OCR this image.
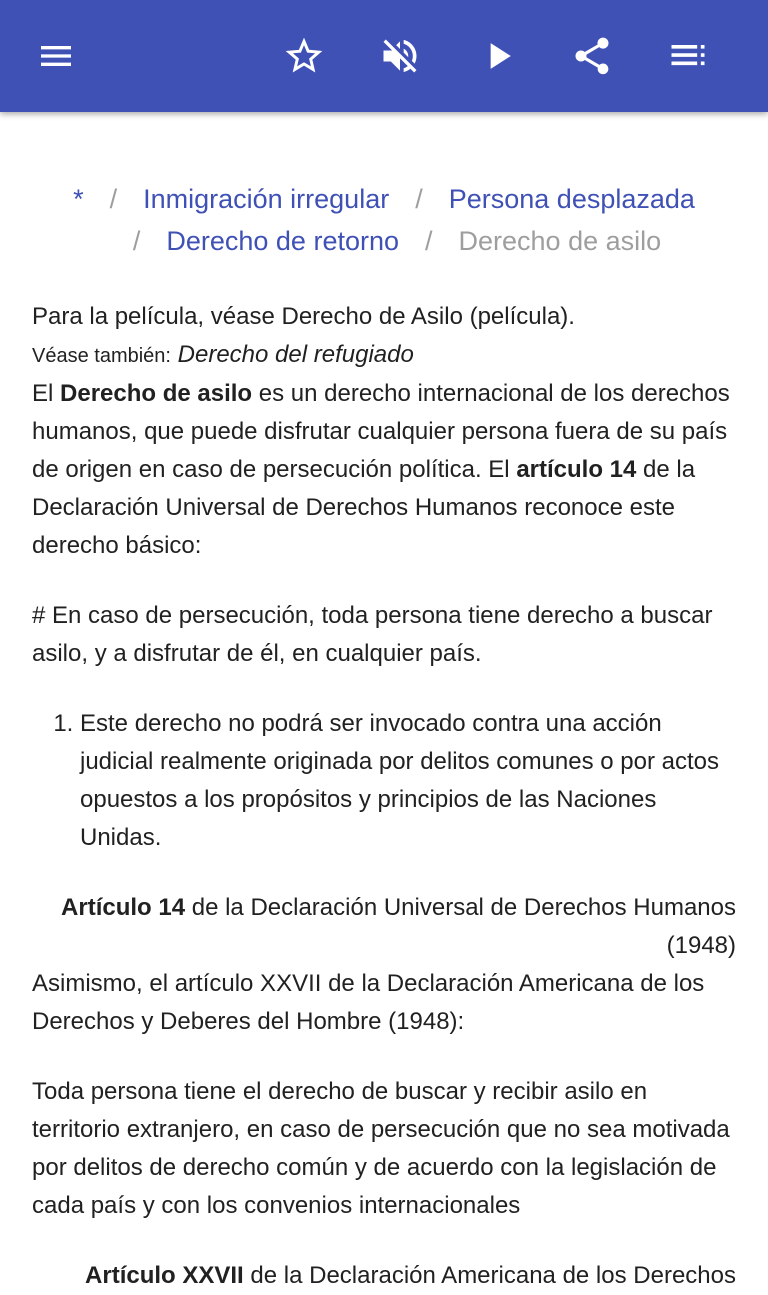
* / Inmigración irregular / Persona desplazada
/ Derecho de retorno / Derecho de asilo

Para la película, véase Derecho de Asilo (película).

Véase también: Derecho del refugiado

El Derecho de asilo es un derecho internacional de los derechos humanos, que puede disfrutar cualquier persona fuera de su país de origen en caso de persecución política. El artículo 14 de la Declaración Universal de Derechos Humanos reconoce este derecho básico:

# En caso de persecución, toda persona tiene derecho a buscar asilo, y a disfrutar de él, en cualquier país.

1. Este derecho no podrá ser invocado contra una acción judicial realmente originada por delitos comunes o por actos opuestos a los propósitos y principios de las Naciones Unidas.

Artículo 14 de la Declaración Universal de Derechos Humanos (1948)

Asimismo, el artículo XXVII de la Declaración Americana de los Derechos y Deberes del Hombre (1948):

Toda persona tiene el derecho de buscar y recibir asilo en territorio extranjero, en caso de persecución que no sea motivada por delitos de derecho común y de acuerdo con la legislación de cada país y con los convenios internacionales

Artículo XXVII de la Declaración Americana de los Derechos
